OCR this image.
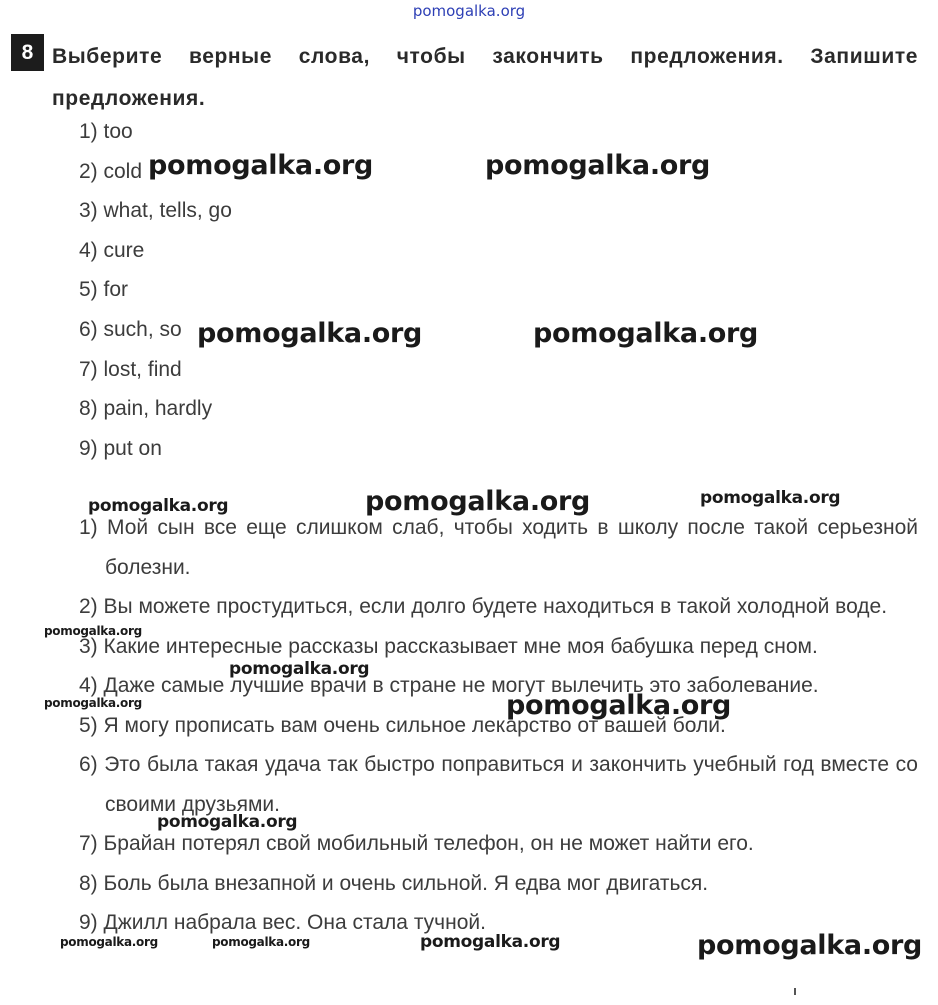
pomogalka.org
8 Выберите верные слова, чтобы закончить предложения. Запишите предложения.
1) too
2) cold
3) what, tells, go
4) cure
5) for
6) such, so
7) lost, find
8) pain, hardly
9) put on
1) Мой сын все еще слишком слаб, чтобы ходить в школу после такой серьезной болезни.
2) Вы можете простудиться, если долго будете находиться в такой холодной воде.
3) Какие интересные рассказы рассказывает мне моя бабушка перед сном.
4) Даже самые лучшие врачи в стране не могут вылечить это заболевание.
5) Я могу прописать вам очень сильное лекарство от вашей боли.
6) Это была такая удача так быстро поправиться и закончить учебный год вместе со своими друзьями.
7) Брайан потерял свой мобильный телефон, он не может найти его.
8) Боль была внезапной и очень сильной. Я едва мог двигаться.
9) Джилл набрала вес. Она стала тучной.
pomogalka.org	pomogalka.org
pomogalka.org	pomogalka.org
pomogalka.org	pomogalka.org	pomogalka.org
pomogalka.org
pomogalka.org
pomogalka.org	pomogalka.org
pomogalka.org
pomogalka.org	pomogalka.org	pomogalka.org	pomogalka.org
